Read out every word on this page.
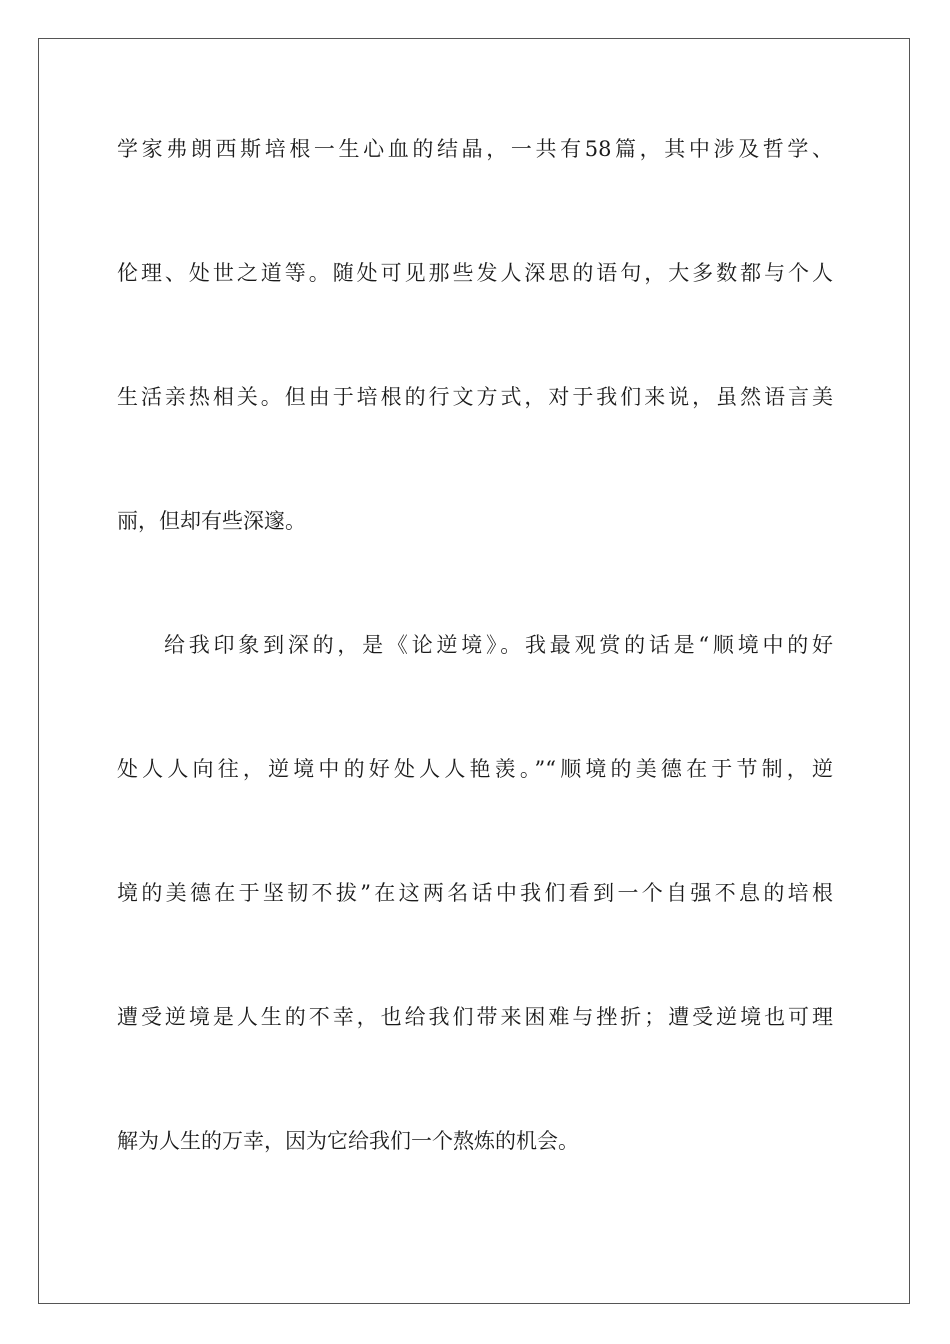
学家弗朗西斯培根一生心血的结晶，一共有58篇，其中涉及哲学、
伦理、处世之道等。随处可见那些发人深思的语句，大多数都与个人
生活亲热相关。但由于培根的行文方式，对于我们来说，虽然语言美
丽，但却有些深邃。
给我印象到深的，是《论逆境》。我最观赏的话是“顺境中的好
处人人向往，逆境中的好处人人艳羡。”“顺境的美德在于节制，逆
境的美德在于坚韧不拔”在这两名话中我们看到一个自强不息的培根
遭受逆境是人生的不幸，也给我们带来困难与挫折；遭受逆境也可理
解为人生的万幸，因为它给我们一个熬炼的机会。
